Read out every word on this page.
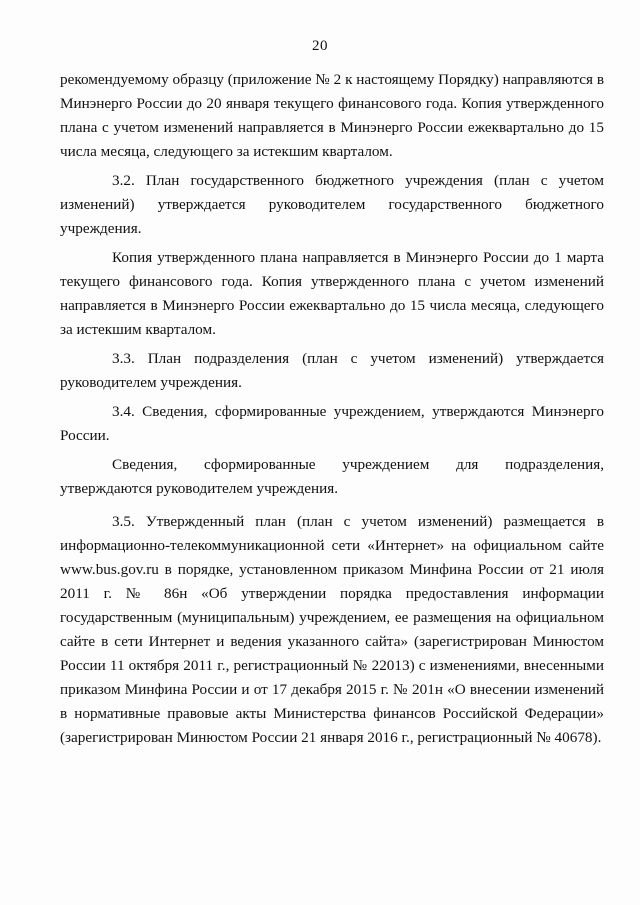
20

рекомендуемому образцу (приложение № 2 к настоящему Порядку) направляются в Минэнерго России до 20 января текущего финансового года. Копия утвержденного плана с учетом изменений направляется в Минэнерго России ежеквартально до 15 числа месяца, следующего за истекшим кварталом.

3.2. План государственного бюджетного учреждения (план с учетом изменений) утверждается руководителем государственного бюджетного учреждения.

Копия утвержденного плана направляется в Минэнерго России до 1 марта текущего финансового года. Копия утвержденного плана с учетом изменений направляется в Минэнерго России ежеквартально до 15 числа месяца, следующего за истекшим кварталом.

3.3. План подразделения (план с учетом изменений) утверждается руководителем учреждения.

3.4. Сведения, сформированные учреждением, утверждаются Минэнерго России.

Сведения, сформированные учреждением для подразделения, утверждаются руководителем учреждения.

3.5. Утвержденный план (план с учетом изменений) размещается в информационно-телекоммуникационной сети «Интернет» на официальном сайте www.bus.gov.ru в порядке, установленном приказом Минфина России от 21 июля 2011 г. № 86н «Об утверждении порядка предоставления информации государственным (муниципальным) учреждением, ее размещения на официальном сайте в сети Интернет и ведения указанного сайта» (зарегистрирован Минюстом России 11 октября 2011 г., регистрационный № 22013) с изменениями, внесенными приказом Минфина России и от 17 декабря 2015 г. № 201н «О внесении изменений в нормативные правовые акты Министерства финансов Российской Федерации» (зарегистрирован Минюстом России 21 января 2016 г., регистрационный № 40678).
